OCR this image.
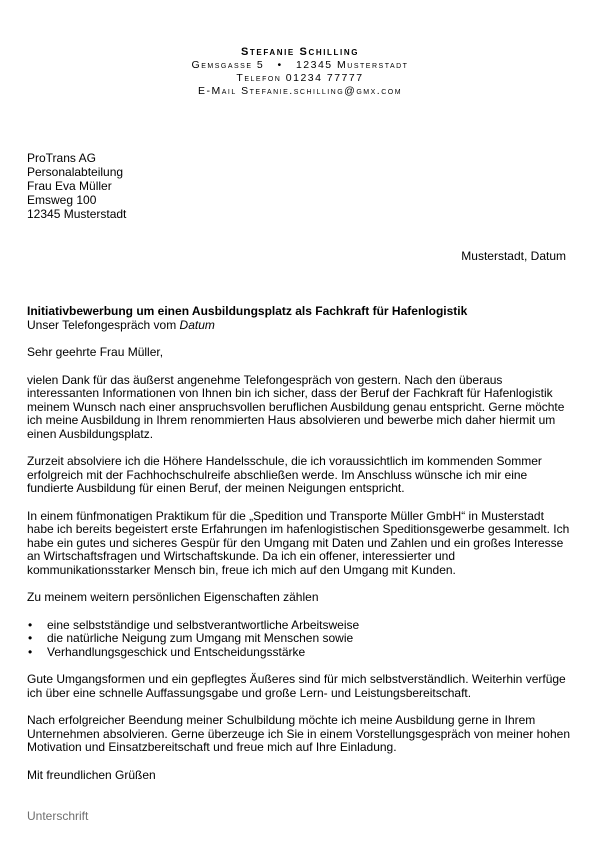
Stefanie Schilling
Gemsgasse 5   •   12345 Musterstadt
Telefon 01234 77777
E-Mail Stefanie.schilling@gmx.com
ProTrans AG
Personalabteilung
Frau Eva Müller
Emsweg 100
12345 Musterstadt
Musterstadt, Datum
Initiativbewerbung um einen Ausbildungsplatz als Fachkraft für Hafenlogistik
Unser Telefongespräch vom Datum
Sehr geehrte Frau Müller,
vielen Dank für das äußerst angenehme Telefongespräch von gestern. Nach den überaus interessanten Informationen von Ihnen bin ich sicher, dass der Beruf der Fachkraft für Hafenlogistik meinem Wunsch nach einer anspruchsvollen beruflichen Ausbildung genau entspricht. Gerne möchte ich meine Ausbildung in Ihrem renommierten Haus absolvieren und bewerbe mich daher hiermit um einen Ausbildungsplatz.
Zurzeit absolviere ich die Höhere Handelsschule, die ich voraussichtlich im kommenden Sommer erfolgreich mit der Fachhochschulreife abschließen werde. Im Anschluss wünsche ich mir eine fundierte Ausbildung für einen Beruf, der meinen Neigungen entspricht.
In einem fünfmonatigen Praktikum für die „Spedition und Transporte Müller GmbH“ in Musterstadt habe ich bereits begeistert erste Erfahrungen im hafenlogistischen Speditionsgewerbe gesammelt. Ich habe ein gutes und sicheres Gespür für den Umgang mit Daten und Zahlen und ein großes Interesse an Wirtschaftsfragen und Wirtschaftskunde. Da ich ein offener, interessierter und kommunikationsstarker Mensch bin, freue ich mich auf den Umgang mit Kunden.
Zu meinem weitern persönlichen Eigenschaften zählen
• eine selbstständige und selbstverantwortliche Arbeitsweise
• die natürliche Neigung zum Umgang mit Menschen sowie
• Verhandlungsgeschick und Entscheidungsstärke
Gute Umgangsformen und ein gepflegtes Äußeres sind für mich selbstverständlich. Weiterhin verfüge ich über eine schnelle Auffassungsgabe und große Lern- und Leistungsbereitschaft.
Nach erfolgreicher Beendung meiner Schulbildung möchte ich meine Ausbildung gerne in Ihrem Unternehmen absolvieren. Gerne überzeuge ich Sie in einem Vorstellungsgespräch von meiner hohen Motivation und Einsatzbereitschaft und freue mich auf Ihre Einladung.
Mit freundlichen Grüßen
Unterschrift
